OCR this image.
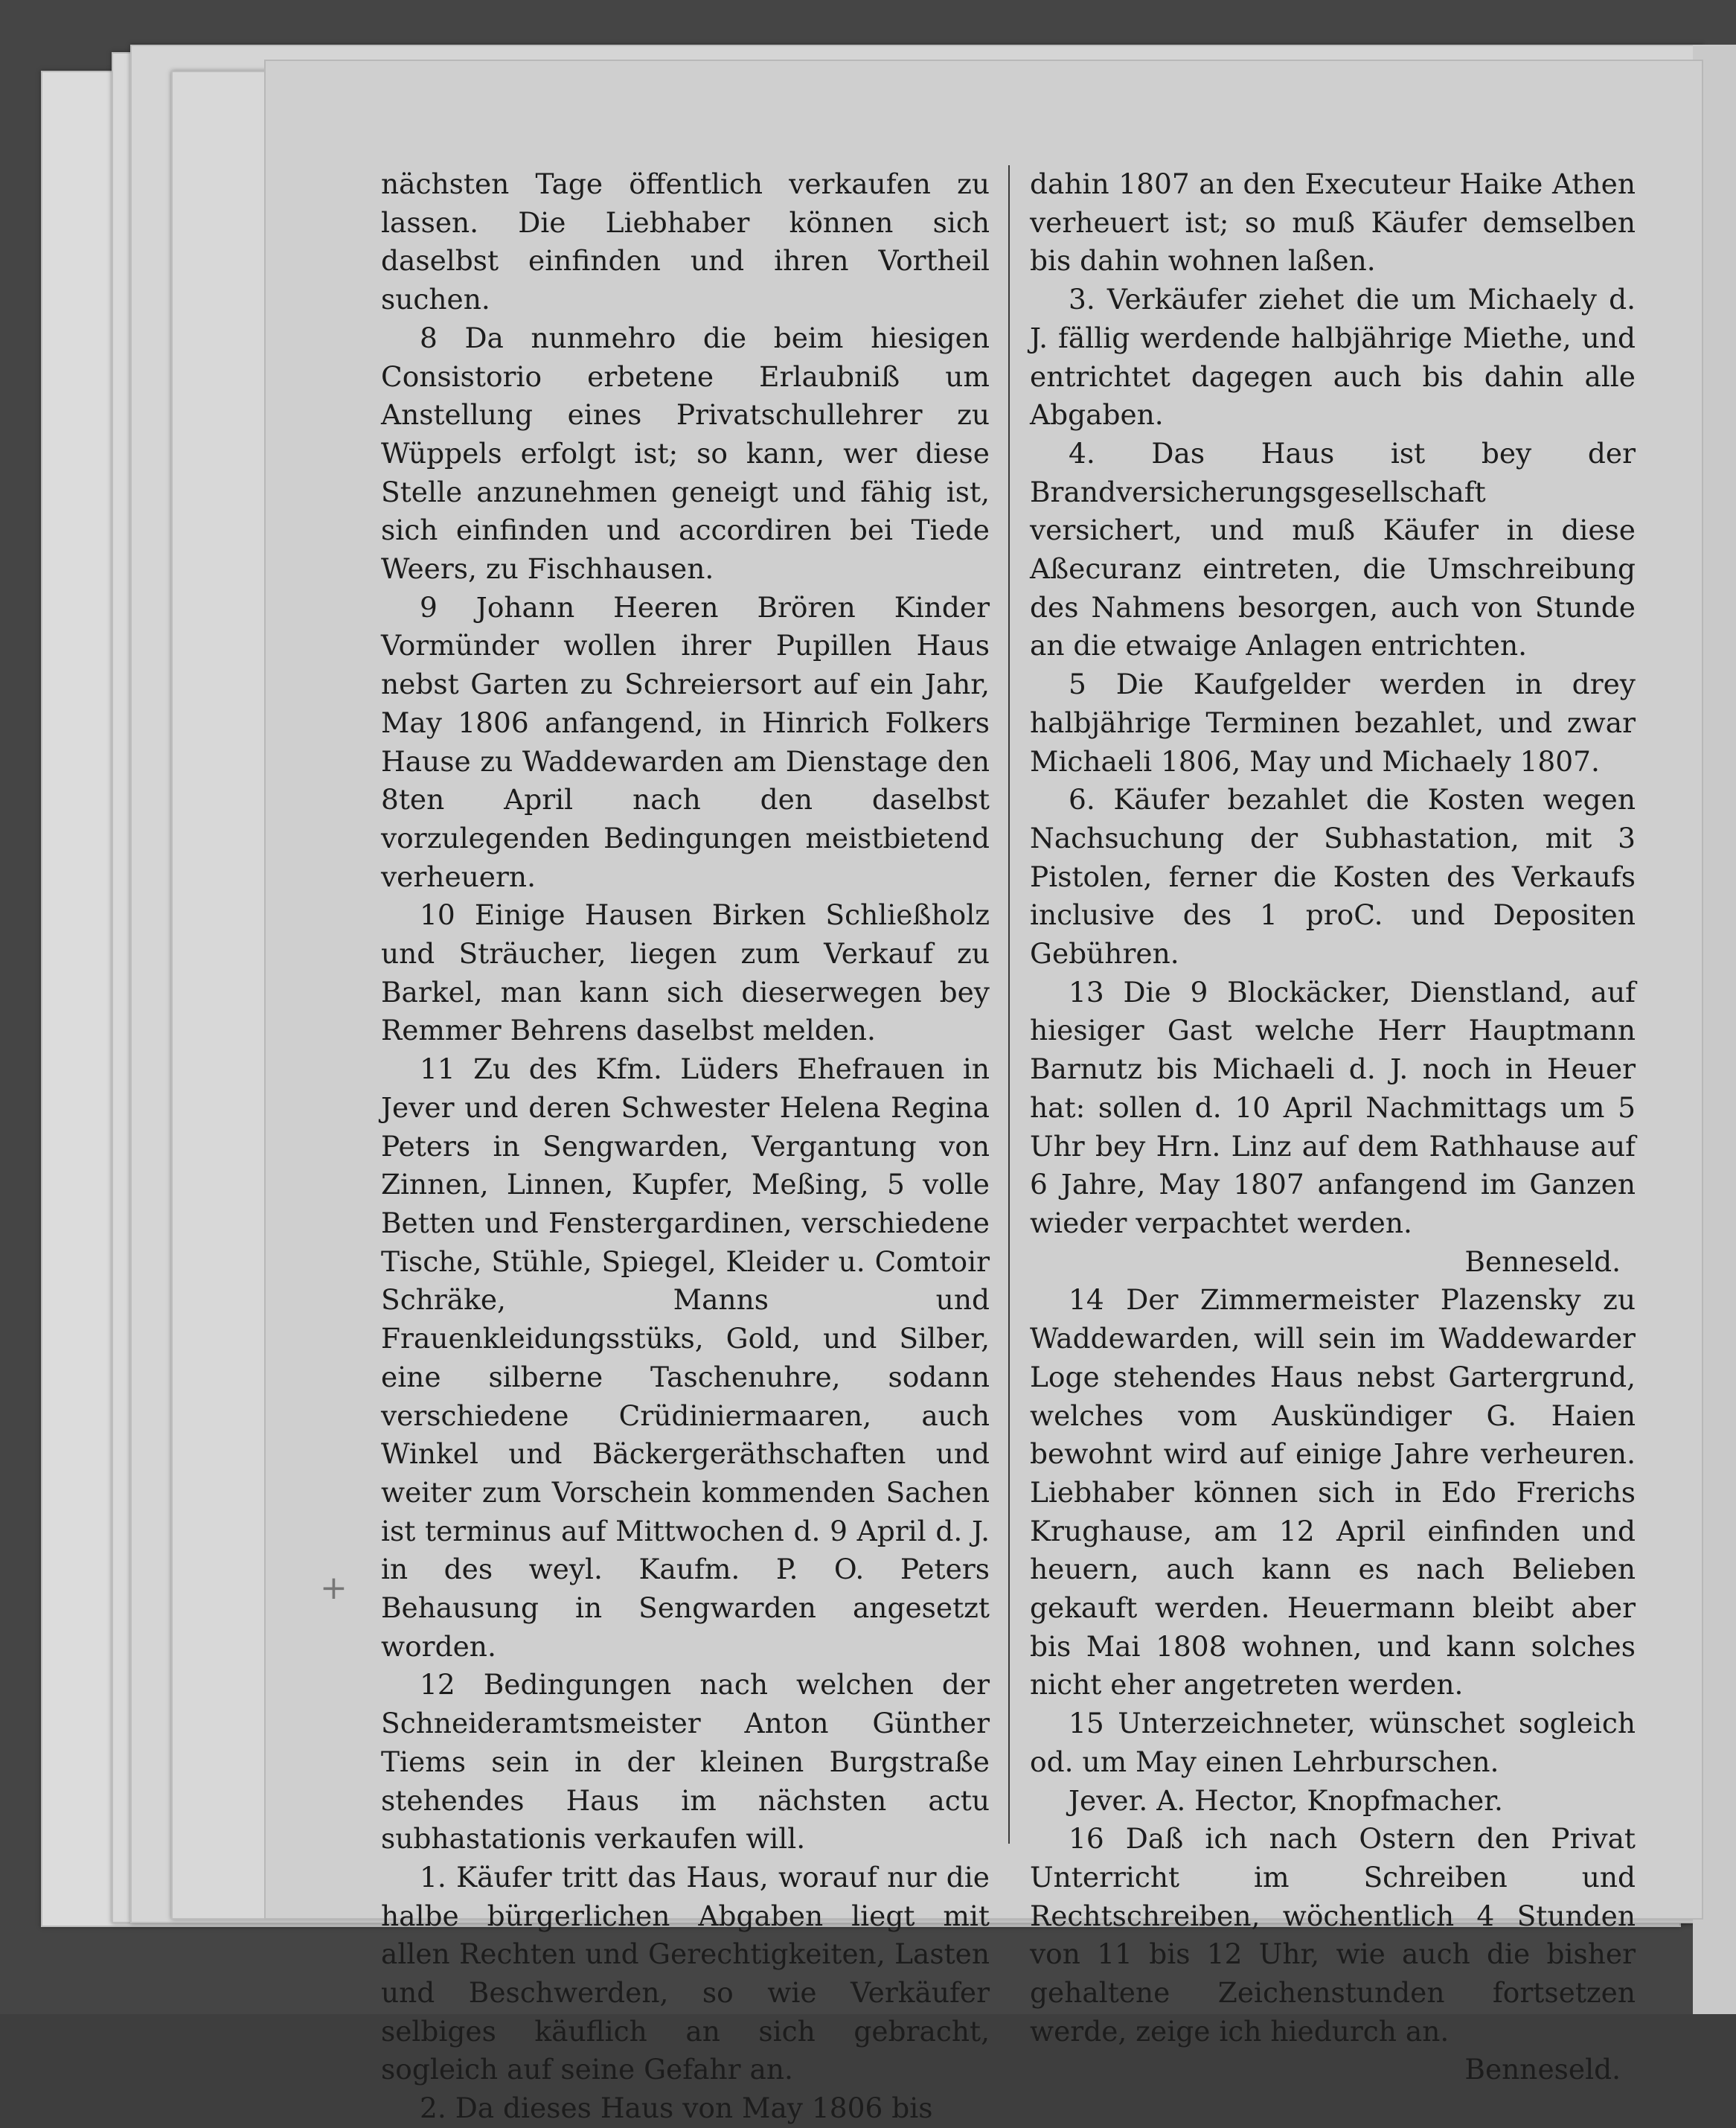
+

nächsten Tage öffentlich verkaufen zu lassen. Die Liebhaber können sich daselbst einfinden und ihren Vortheil suchen.

8 Da nunmehro die beim hiesigen Consistorio erbetene Erlaubniß um Anstellung eines Privatschullehrer zu Wüppels erfolgt ist; so kann, wer diese Stelle anzunehmen geneigt und fähig ist, sich einfinden und accordiren bei Tiede Weers, zu Fischhausen.

9 Johann Heeren Brören Kinder Vormünder wollen ihrer Pupillen Haus nebst Garten zu Schreiersort auf ein Jahr, May 1806 anfangend, in Hinrich Folkers Hause zu Waddewarden am Dienstage den 8ten April nach den daselbst vorzulegenden Bedingungen meistbietend verheuern.

10 Einige Hausen Birken Schließholz und Sträucher, liegen zum Verkauf zu Barkel, man kann sich dieserwegen bey Remmer Behrens daselbst melden.

11 Zu des Kfm. Lüders Ehefrauen in Jever und deren Schwester Helena Regina Peters in Sengwarden, Vergantung von Zinnen, Linnen, Kupfer, Meßing, 5 volle Betten und Fenstergardinen, verschiedene Tische, Stühle, Spiegel, Kleider u. Comtoir Schräke, Manns und Frauenkleidungsstüks, Gold, und Silber, eine silberne Taschenuhre, sodann verschiedene Crüdiniermaaren, auch Winkel und Bäckergeräthschaften und weiter zum Vorschein kommenden Sachen ist terminus auf Mittwochen d. 9 April d. J. in des weyl. Kaufm. P. O. Peters Behausung in Sengwarden angesetzt worden.

12 Bedingungen nach welchen der Schneideramtsmeister Anton Günther Tiems sein in der kleinen Burgstraße stehendes Haus im nächsten actu subhastationis verkaufen will.

1. Käufer tritt das Haus, worauf nur die halbe bürgerlichen Abgaben liegt mit allen Rechten und Gerechtigkeiten, Lasten und Beschwerden, so wie Verkäufer selbiges käuflich an sich gebracht, sogleich auf seine Gefahr an.

2. Da dieses Haus von May 1806 bis

dahin 1807 an den Executeur Haike Athen verheuert ist; so muß Käufer demselben bis dahin wohnen laßen.

3. Verkäufer ziehet die um Michaely d. J. fällig werdende halbjährige Miethe, und entrichtet dagegen auch bis dahin alle Abgaben.

4. Das Haus ist bey der Brandversicherungsgesellschaft versichert, und muß Käufer in diese Aßecuranz eintreten, die Umschreibung des Nahmens besorgen, auch von Stunde an die etwaige Anlagen entrichten.

5 Die Kaufgelder werden in drey halbjährige Terminen bezahlet, und zwar Michaeli 1806, May und Michaely 1807.

6. Käufer bezahlet die Kosten wegen Nachsuchung der Subhastation, mit 3 Pistolen, ferner die Kosten des Verkaufs inclusive des 1 proC. und Depositen Gebühren.

13 Die 9 Blockäcker, Dienstland, auf hiesiger Gast welche Herr Hauptmann Barnutz bis Michaeli d. J. noch in Heuer hat: sollen d. 10 April Nachmittags um 5 Uhr bey Hrn. Linz auf dem Rathhause auf 6 Jahre, May 1807 anfangend im Ganzen wieder verpachtet werden.

Benneseld.

14 Der Zimmermeister Plazensky zu Waddewarden, will sein im Waddewarder Loge stehendes Haus nebst Gartergrund, welches vom Auskündiger G. Haien bewohnt wird auf einige Jahre verheuren. Liebhaber können sich in Edo Frerichs Krughause, am 12 April einfinden und heuern, auch kann es nach Belieben gekauft werden. Heuermann bleibt aber bis Mai 1808 wohnen, und kann solches nicht eher angetreten werden.

15 Unterzeichneter, wünschet sogleich od. um May einen Lehrburschen.

Jever. A. Hector, Knopfmacher.

16 Daß ich nach Ostern den Privat Unterricht im Schreiben und Rechtschreiben, wöchentlich 4 Stunden von 11 bis 12 Uhr, wie auch die bisher gehaltene Zeichenstunden fortsetzen werde, zeige ich hiedurch an.

Benneseld.
